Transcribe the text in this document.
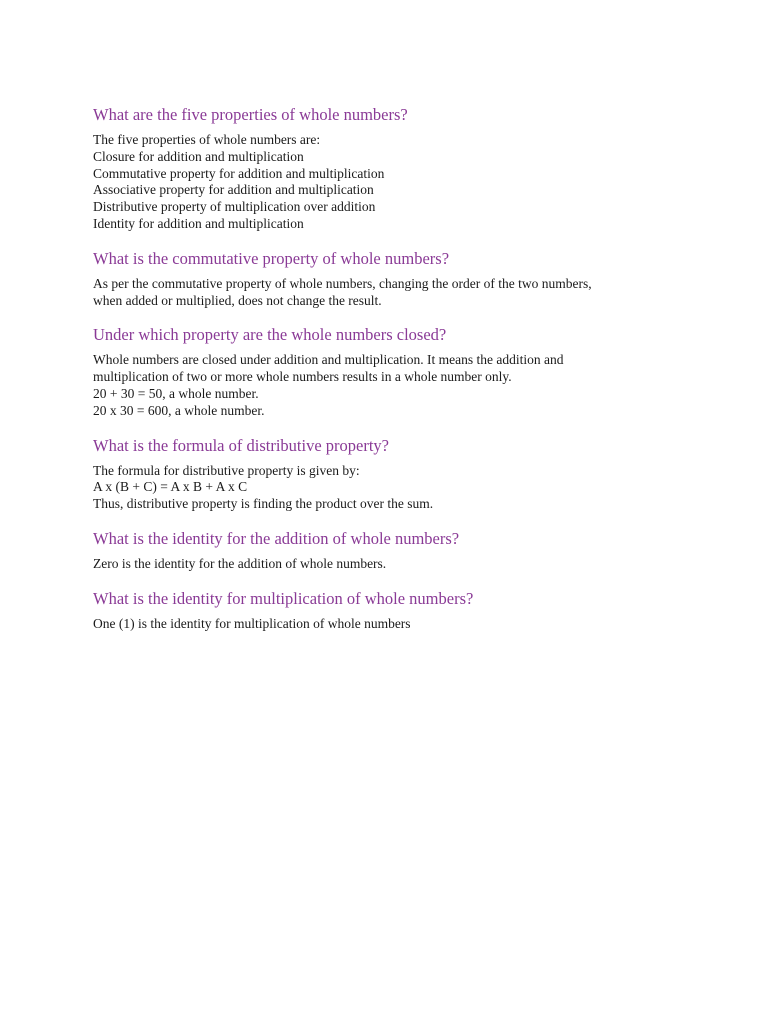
What are the five properties of whole numbers?
The five properties of whole numbers are:
Closure for addition and multiplication
Commutative property for addition and multiplication
Associative property for addition and multiplication
Distributive property of multiplication over addition
Identity for addition and multiplication
What is the commutative property of whole numbers?
As per the commutative property of whole numbers, changing the order of the two numbers,
when added or multiplied, does not change the result.
Under which property are the whole numbers closed?
Whole numbers are closed under addition and multiplication. It means the addition and
multiplication of two or more whole numbers results in a whole number only.
20 + 30 = 50, a whole number.
20 x 30 = 600, a whole number.
What is the formula of distributive property?
The formula for distributive property is given by:
A x (B + C) = A x B + A x C
Thus, distributive property is finding the product over the sum.
What is the identity for the addition of whole numbers?
Zero is the identity for the addition of whole numbers.
What is the identity for multiplication of whole numbers?
One (1) is the identity for multiplication of whole numbers
